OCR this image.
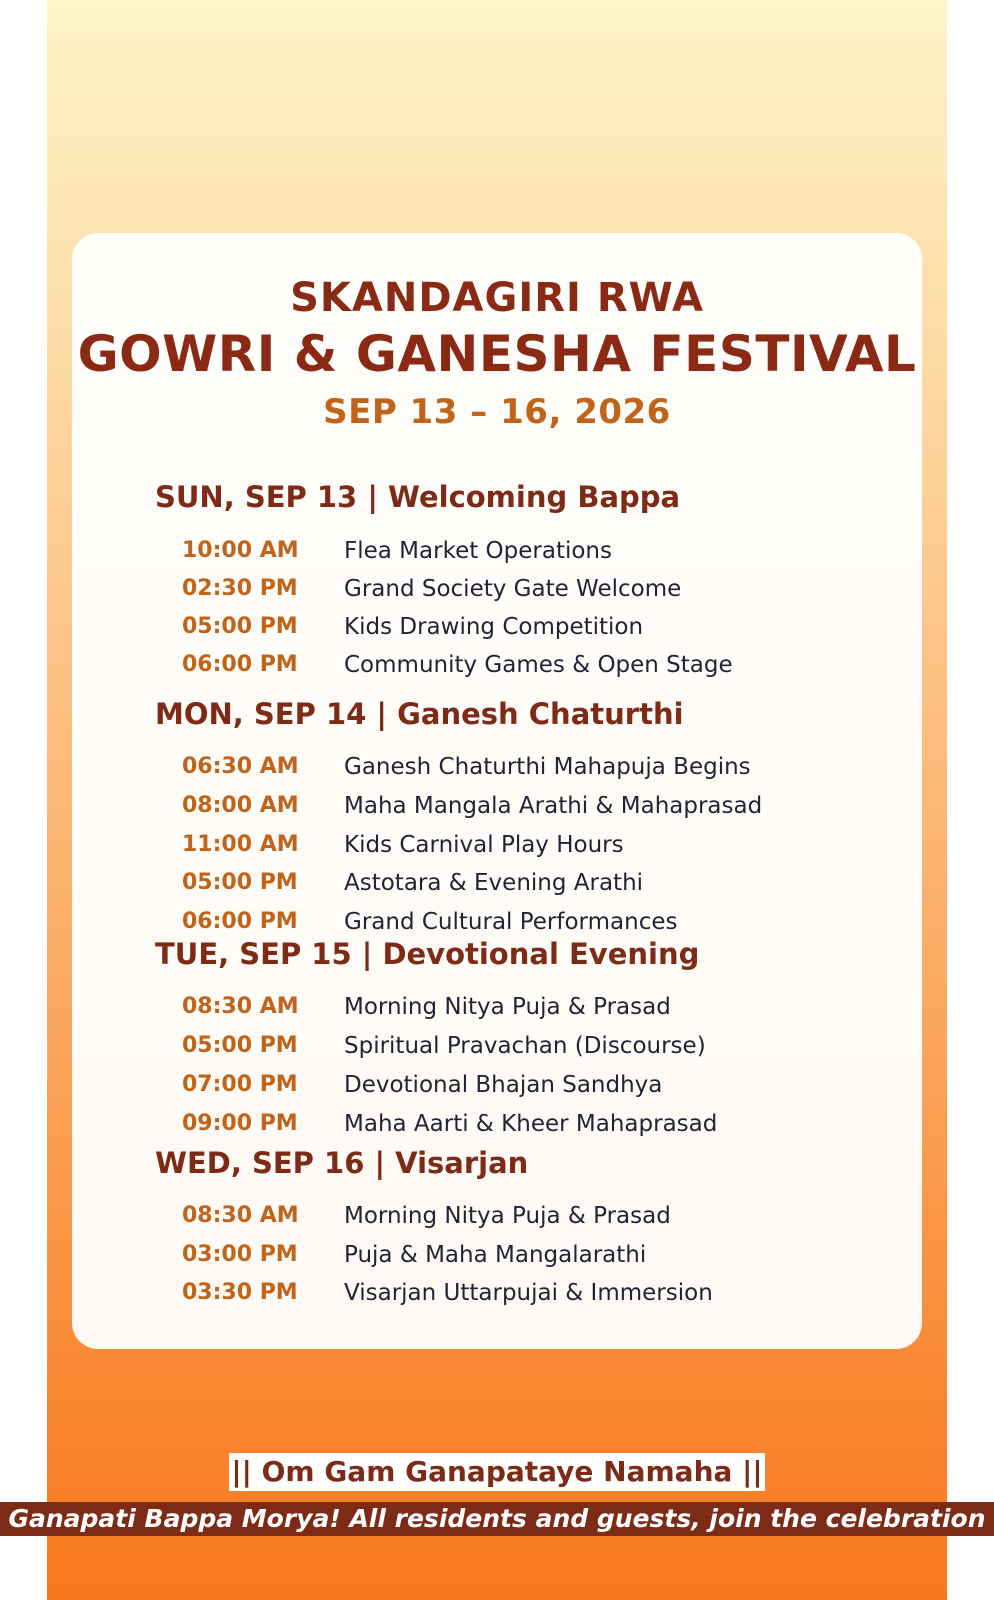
SKANDAGIRI RWA
GOWRI & GANESHA FESTIVAL
SEP 13 – 16, 2026
SUN, SEP 13 | Welcoming Bappa
10:00 AM	Flea Market Operations
02:30 PM	Grand Society Gate Welcome
05:00 PM	Kids Drawing Competition
06:00 PM	Community Games & Open Stage
MON, SEP 14 | Ganesh Chaturthi
06:30 AM	Ganesh Chaturthi Mahapuja Begins
08:00 AM	Maha Mangala Arathi & Mahaprasad
11:00 AM	Kids Carnival Play Hours
05:00 PM	Astotara & Evening Arathi
06:00 PM	Grand Cultural Performances
TUE, SEP 15 | Devotional Evening
08:30 AM	Morning Nitya Puja & Prasad
05:00 PM	Spiritual Pravachan (Discourse)
07:00 PM	Devotional Bhajan Sandhya
09:00 PM	Maha Aarti & Kheer Mahaprasad
WED, SEP 16 | Visarjan
08:30 AM	Morning Nitya Puja & Prasad
03:00 PM	Puja & Maha Mangalarathi
03:30 PM	Visarjan Uttarpujai & Immersion
|| Om Gam Ganapataye Namaha ||
Ganapati Bappa Morya! All residents and guests, join the celebration
